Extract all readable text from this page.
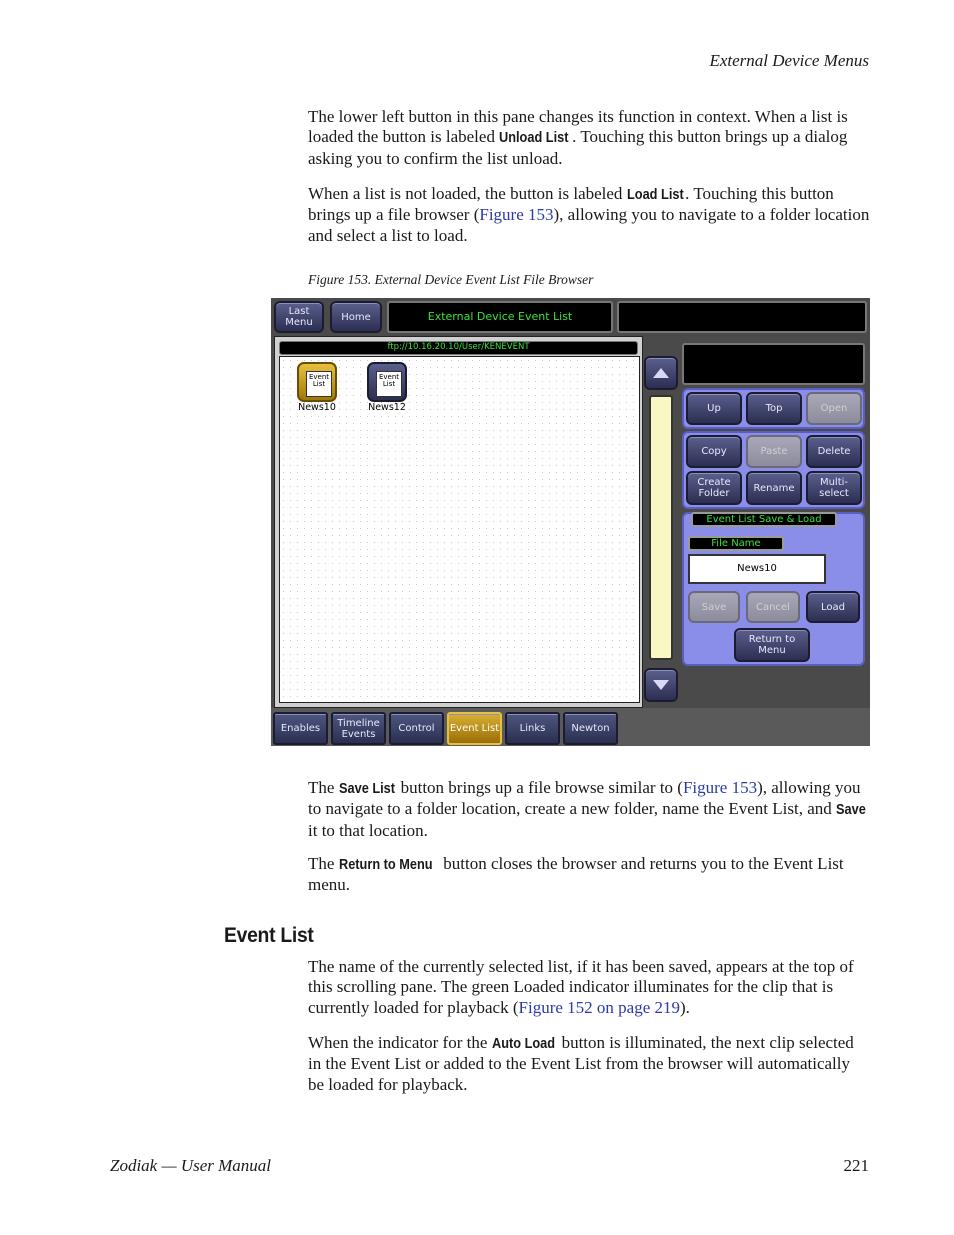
External Device Menus

The lower left button in this pane changes its function in context. When a list is loaded the button is labeled Unload List . Touching this button brings up a dialog asking you to confirm the list unload.

When a list is not loaded, the button is labeled Load List . Touching this button brings up a file browser (Figure 153), allowing you to navigate to a folder location and select a list to load.

Figure 153. External Device Event List File Browser
Last Menu	Home	External Device Event List
ftp://10.16.20.10/User/KENEVENT
Event List
News10
Event List
News12	Up	Top	Open
Copy	Paste	Delete
Create Folder	Rename	Multi- select
Event List Save & Load
File Name
News10
Save	Cancel	Load
Return to Menu
Enables	Timeline Events	Control	Event List	Links	Newton

The Save List button brings up a file browse similar to (Figure 153), allowing you to navigate to a folder location, create a new folder, name the Event List, and Save it to that location.

The Return to Menu button closes the browser and returns you to the Event List menu.

Event List

The name of the currently selected list, if it has been saved, appears at the top of this scrolling pane. The green Loaded indicator illuminates for the clip that is currently loaded for playback (Figure 152 on page 219).

When the indicator for the Auto Load button is illuminated, the next clip selected in the Event List or added to the Event List from the browser will automatically be loaded for playback.

Zodiak — User Manual	221
